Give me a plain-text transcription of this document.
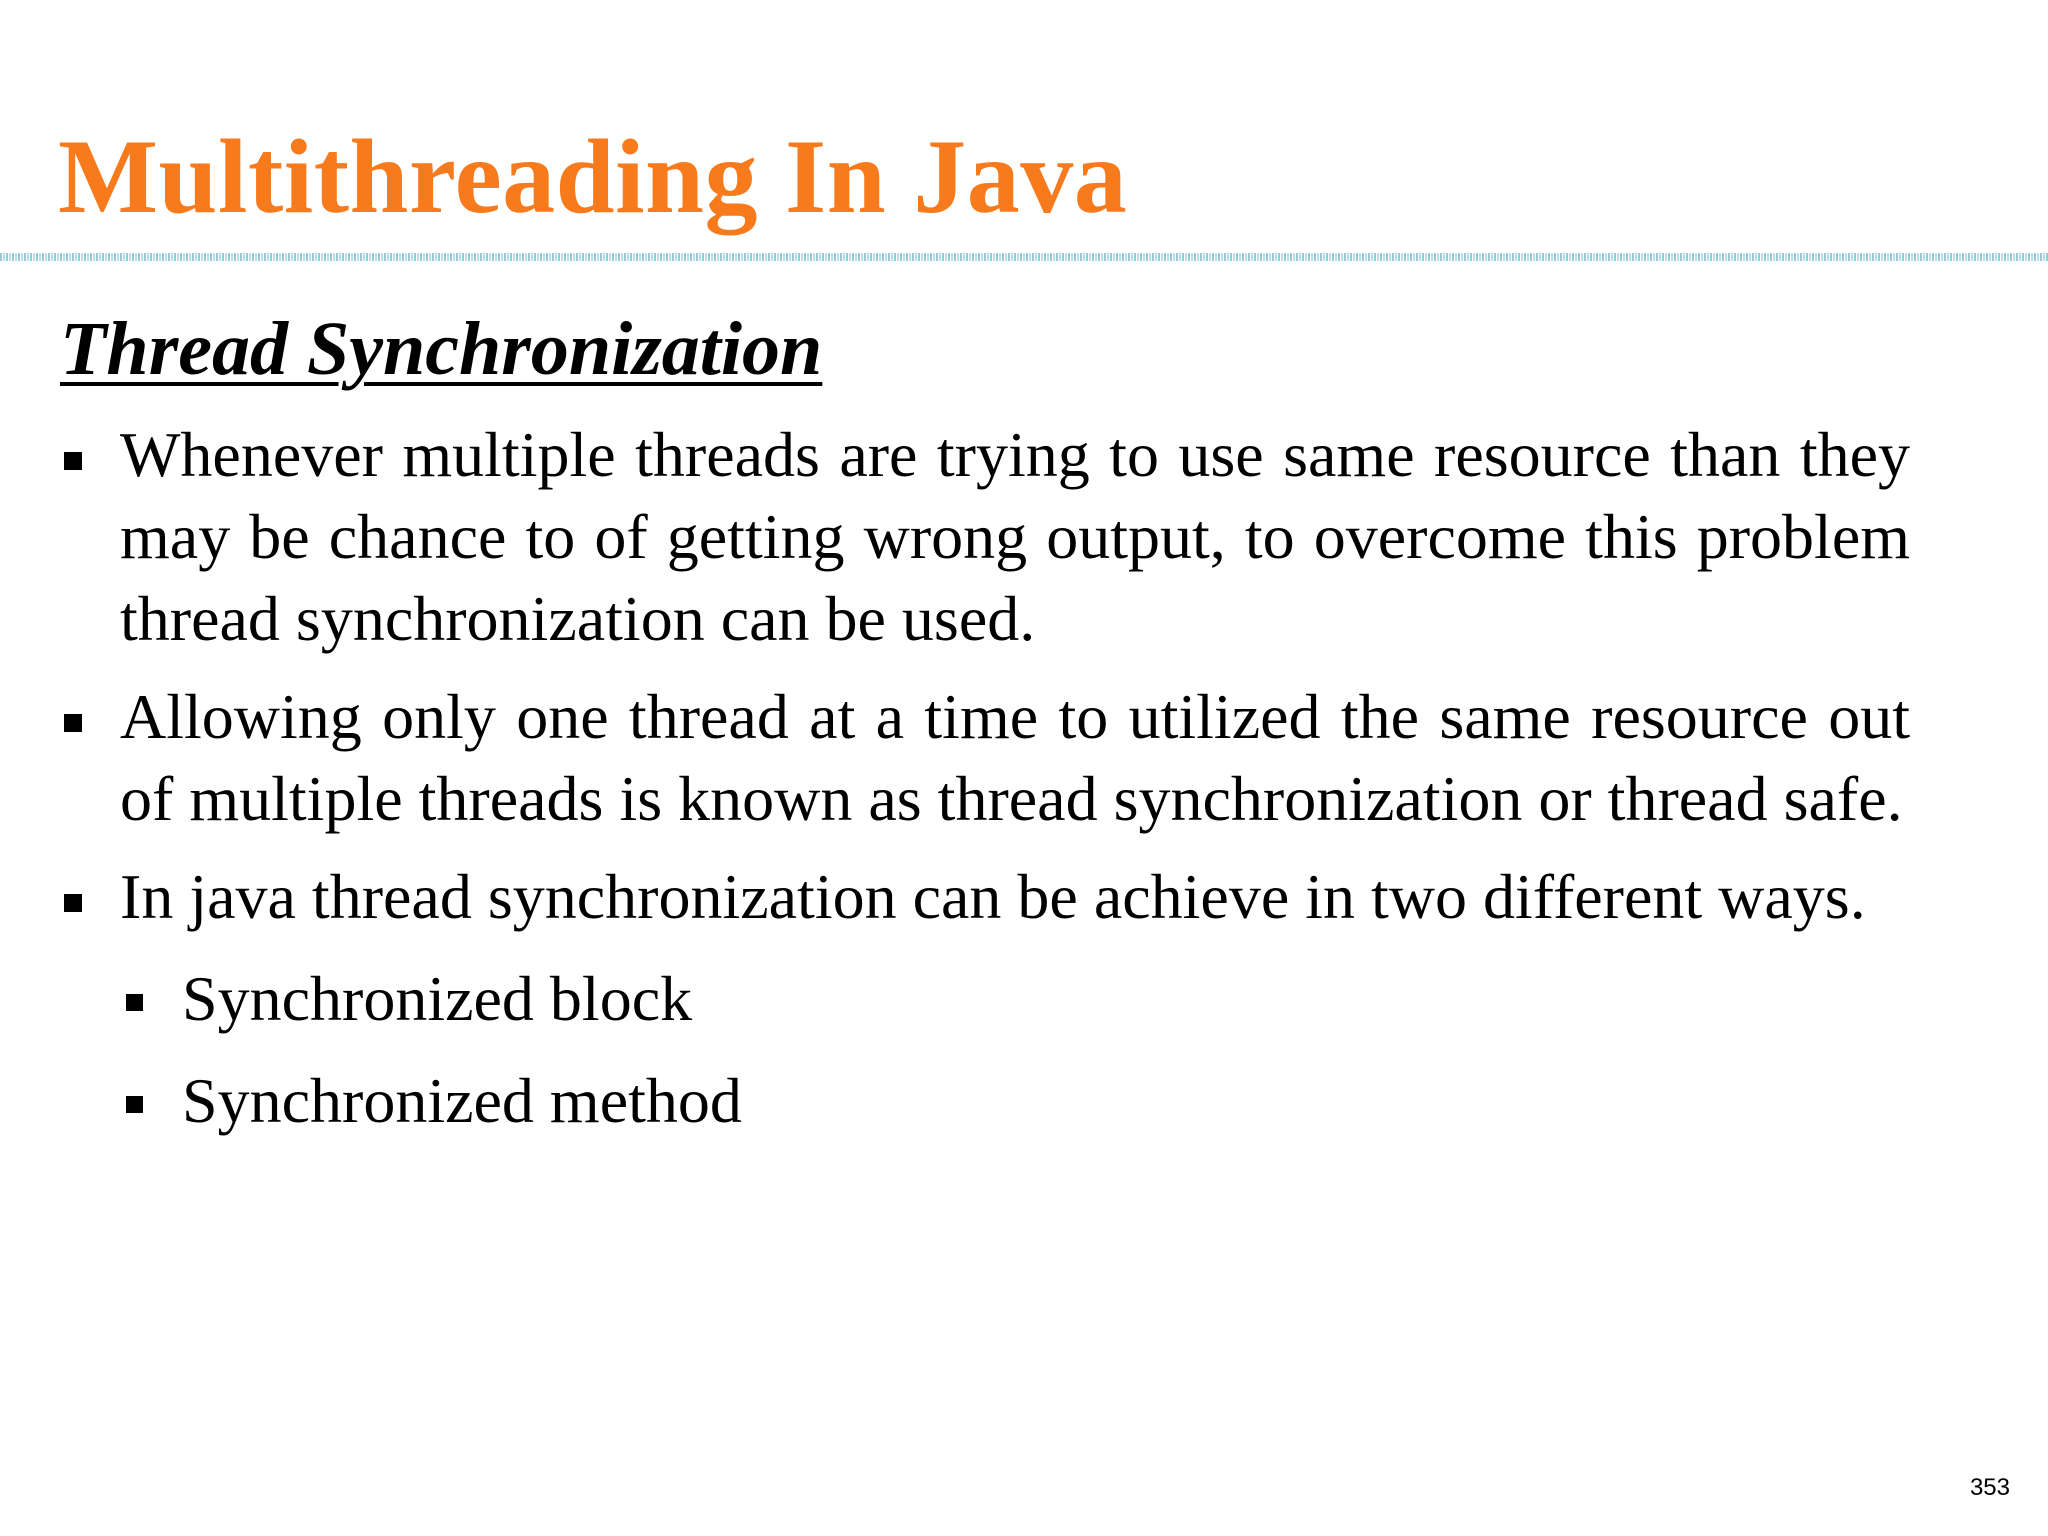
Multithreading In Java
Thread Synchronization
Whenever multiple threads are trying to use same resource than they may be chance to of getting wrong output, to overcome this problem thread synchronization can be used.
Allowing only one thread at a time to utilized the same resource out of multiple threads is known as thread synchronization or thread safe.
In java thread synchronization can be achieve in two different ways.
Synchronized block
Synchronized method
353
